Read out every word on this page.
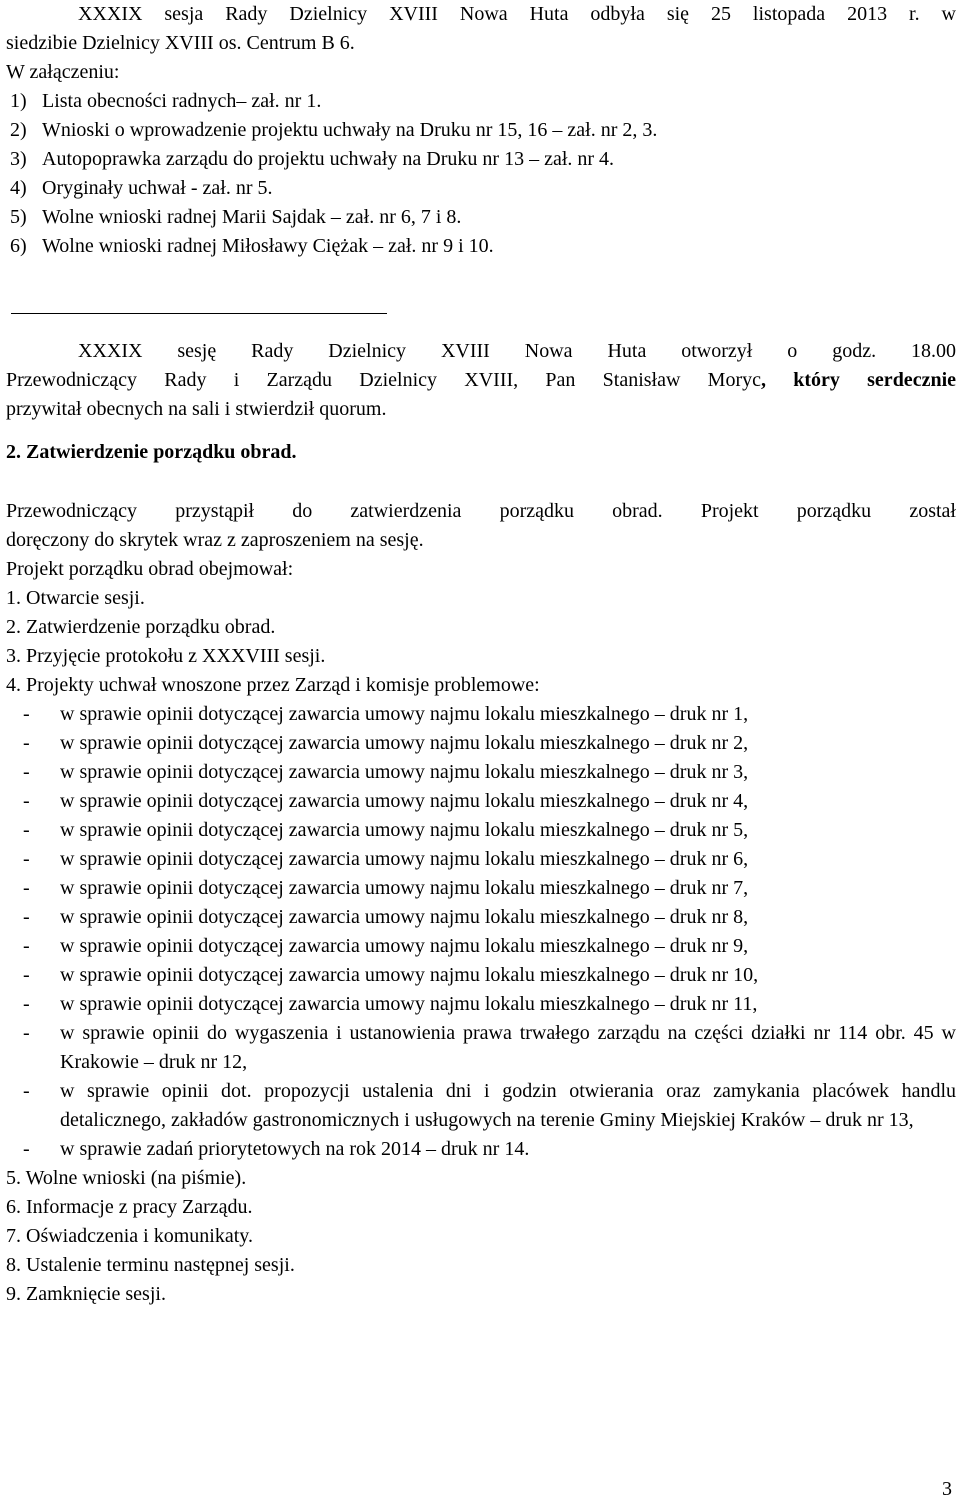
XXXIX sesja Rady Dzielnicy XVIII Nowa Huta odbyła się 25 listopada 2013 r. w

siedzibie Dzielnicy XVIII os. Centrum B 6.

W załączeniu:

1) Lista obecności radnych– zał. nr 1.
2) Wnioski o wprowadzenie projektu uchwały na Druku nr 15, 16 – zał. nr 2, 3.
3) Autopoprawka zarządu do projektu uchwały na Druku nr 13 – zał. nr 4.
4) Oryginały uchwał - zał. nr 5.
5) Wolne wnioski radnej Marii Sajdak – zał. nr 6, 7 i 8.
6) Wolne wnioski radnej Miłosławy Ciężak – zał. nr 9 i 10.

XXXIX sesję Rady Dzielnicy XVIII Nowa Huta otworzył o godz. 18.00

Przewodniczący Rady i Zarządu Dzielnicy XVIII, Pan Stanisław Moryc, który serdecznie

przywitał obecnych na sali i stwierdził quorum.

2. Zatwierdzenie porządku obrad.

Przewodniczący przystąpił do zatwierdzenia porządku obrad. Projekt porządku został

doręczony do skrytek wraz z zaproszeniem na sesję.

Projekt porządku obrad obejmował:

1. Otwarcie sesji.
2. Zatwierdzenie porządku obrad.
3. Przyjęcie protokołu z XXXVIII sesji.
4. Projekty uchwał wnoszone przez Zarząd i komisje problemowe:
- w sprawie opinii dotyczącej zawarcia umowy najmu lokalu mieszkalnego – druk nr 1,
- w sprawie opinii dotyczącej zawarcia umowy najmu lokalu mieszkalnego – druk nr 2,
- w sprawie opinii dotyczącej zawarcia umowy najmu lokalu mieszkalnego – druk nr 3,
- w sprawie opinii dotyczącej zawarcia umowy najmu lokalu mieszkalnego – druk nr 4,
- w sprawie opinii dotyczącej zawarcia umowy najmu lokalu mieszkalnego – druk nr 5,
- w sprawie opinii dotyczącej zawarcia umowy najmu lokalu mieszkalnego – druk nr 6,
- w sprawie opinii dotyczącej zawarcia umowy najmu lokalu mieszkalnego – druk nr 7,
- w sprawie opinii dotyczącej zawarcia umowy najmu lokalu mieszkalnego – druk nr 8,
- w sprawie opinii dotyczącej zawarcia umowy najmu lokalu mieszkalnego – druk nr 9,
- w sprawie opinii dotyczącej zawarcia umowy najmu lokalu mieszkalnego – druk nr 10,
- w sprawie opinii dotyczącej zawarcia umowy najmu lokalu mieszkalnego – druk nr 11,
- w sprawie opinii do wygaszenia i ustanowienia prawa trwałego zarządu na części działki nr 114 obr. 45 w Krakowie – druk nr 12,
- w sprawie opinii dot. propozycji ustalenia dni i godzin otwierania oraz zamykania placówek handlu detalicznego, zakładów gastronomicznych i usługowych na terenie Gminy Miejskiej Kraków – druk nr 13,
- w sprawie zadań priorytetowych na rok 2014 – druk nr 14.
5. Wolne wnioski (na piśmie).
6. Informacje z pracy Zarządu.
7. Oświadczenia i komunikaty.
8. Ustalenie terminu następnej sesji.
9. Zamknięcie sesji.
3
